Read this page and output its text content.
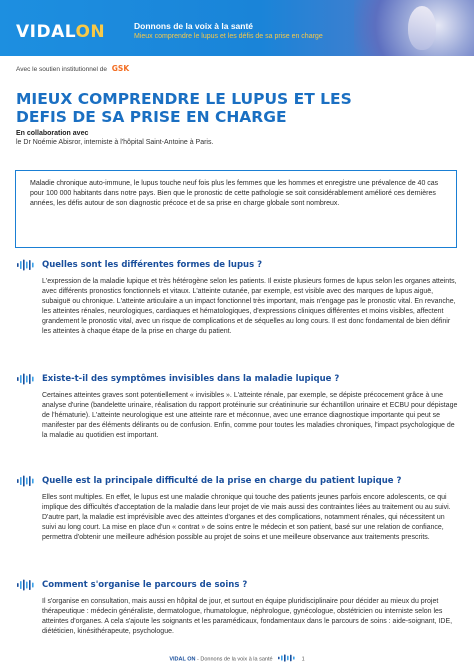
VIDALON	Donnons de la voix à la santé
Mieux comprendre le lupus et les défis de sa prise en charge
Avec le soutien institutionnel de GSK
MIEUX COMPRENDRE LE LUPUS ET LES DEFIS DE SA PRISE EN CHARGE
En collaboration avec
le Dr Noémie Abisror, interniste à l'hôpital Saint-Antoine à Paris.

Maladie chronique auto-immune, le lupus touche neuf fois plus les femmes que les hommes et enregistre une prévalence de 40 cas pour 100 000 habitants dans notre pays. Bien que le pronostic de cette pathologie se soit considérablement amélioré ces dernières années, les défis autour de son diagnostic précoce et de sa prise en charge globale sont nombreux.

Quelles sont les différentes formes de lupus ?

L'expression de la maladie lupique et très hétérogène selon les patients. Il existe plusieurs formes de lupus selon les organes atteints, avec différents pronostics fonctionnels et vitaux. L'atteinte cutanée, par exemple, est visible avec des marques de lupus aiguë, subaiguë ou chronique. L'atteinte articulaire a un impact fonctionnel très important, mais n'engage pas le pronostic vital. En revanche, les atteintes rénales, neurologiques, cardiaques et hématologiques, d'expressions cliniques différentes et moins visibles, affectent grandement le pronostic vital, avec un risque de complications et de séquelles au long cours. Il est donc fondamental de bien définir les atteintes à chaque étape de la prise en charge du patient.

Existe-t-il des symptômes invisibles dans la maladie lupique ?

Certaines atteintes graves sont potentiellement « invisibles ». L'atteinte rénale, par exemple, se dépiste précocement grâce à une analyse d'urine (bandelette urinaire, réalisation du rapport protéinurie sur créatininurie sur échantillon urinaire et ECBU pour dépistage de l'hématurie). L'atteinte neurologique est une atteinte rare et méconnue, avec une errance diagnostique importante qui peut se manifester par des éléments délirants ou de confusion. Enfin, comme pour toutes les maladies chroniques, l'impact psychologique de la maladie au quotidien est important.

Quelle est la principale difficulté de la prise en charge du patient lupique ?

Elles sont multiples. En effet, le lupus est une maladie chronique qui touche des patients jeunes parfois encore adolescents, ce qui implique des difficultés d'acceptation de la maladie dans leur projet de vie mais aussi des contraintes liées au traitement ou au suivi. D'autre part, la maladie est imprévisible avec des atteintes d'organes et des complications, notamment rénales, qui nécessitent un suivi au long court. La mise en place d'un « contrat » de soins entre le médecin et son patient, basé sur une relation de confiance, permettra d'obtenir une meilleure adhésion possible au projet de soins et une meilleure observance aux traitements prescrits.

Comment s'organise le parcours de soins ?

Il s'organise en consultation, mais aussi en hôpital de jour, et surtout en équipe pluridisciplinaire pour décider au mieux du projet thérapeutique : médecin généraliste, dermatologue, rhumatologue, néphrologue, gynécologue, obstétricien ou interniste selon les atteintes d'organes. A cela s'ajoute les soignants et les paramédicaux, fondamentaux dans le parcours de soins : aide-soignant, IDE, diététicien, kinésithérapeute, psychologue.

VIDAL ON - Donnons de la voix à la santé	1
